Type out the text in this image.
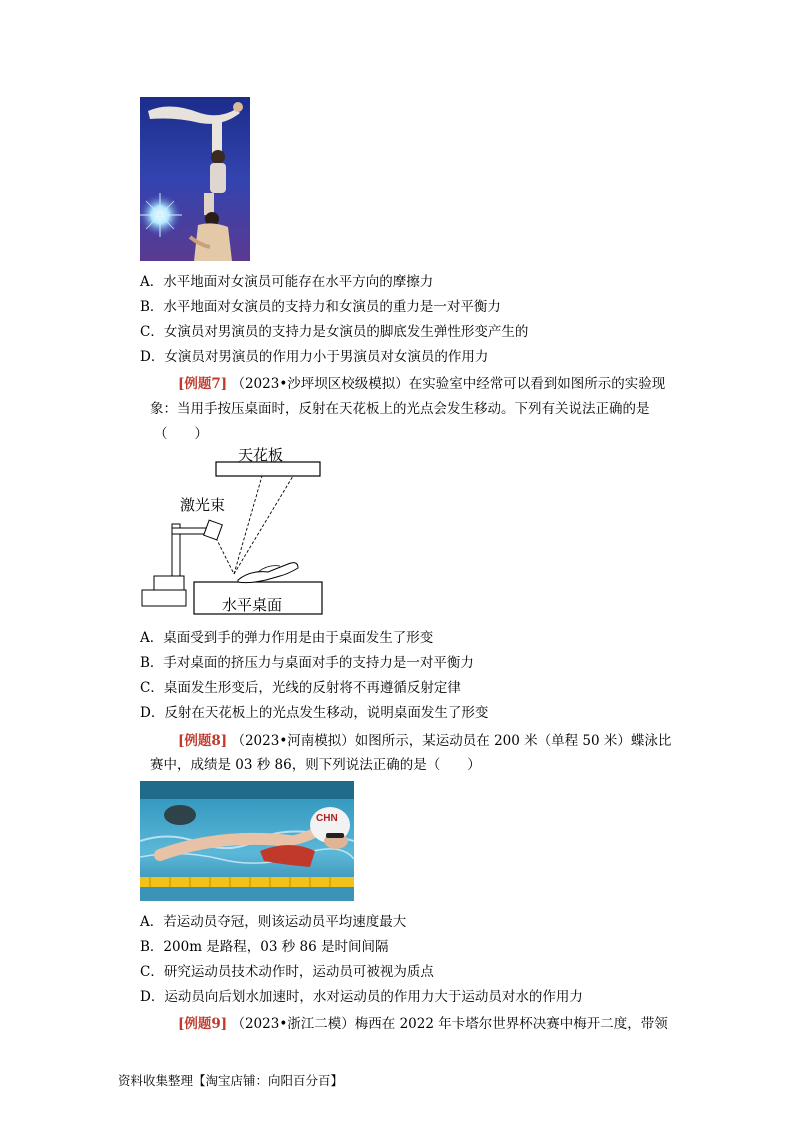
A．水平地面对女演员可能存在水平方向的摩擦力
B．水平地面对女演员的支持力和女演员的重力是一对平衡力
C．女演员对男演员的支持力是女演员的脚底发生弹性形变产生的
D．女演员对男演员的作用力小于男演员对女演员的作用力
[例题7] （2023•沙坪坝区校级模拟）在实验室中经常可以看到如图所示的实验现
象：当用手按压桌面时，反射在天花板上的光点会发生移动。下列有关说法正确的是
（　　）
天花板
激光束
水平桌面
A．桌面受到手的弹力作用是由于桌面发生了形变
B．手对桌面的挤压力与桌面对手的支持力是一对平衡力
C．桌面发生形变后，光线的反射将不再遵循反射定律
D．反射在天花板上的光点发生移动，说明桌面发生了形变
[例题8] （2023•河南模拟）如图所示，某运动员在 200 米（单程 50 米）蝶泳比
赛中，成绩是 03 秒 86，则下列说法正确的是（　　）
CHN
A．若运动员夺冠，则该运动员平均速度最大
B．200m 是路程，03 秒 86 是时间间隔
C．研究运动员技术动作时，运动员可被视为质点
D．运动员向后划水加速时，水对运动员的作用力大于运动员对水的作用力
[例题9] （2023•浙江二模）梅西在 2022 年卡塔尔世界杯决赛中梅开二度，带领
资料收集整理【淘宝店铺：向阳百分百】
